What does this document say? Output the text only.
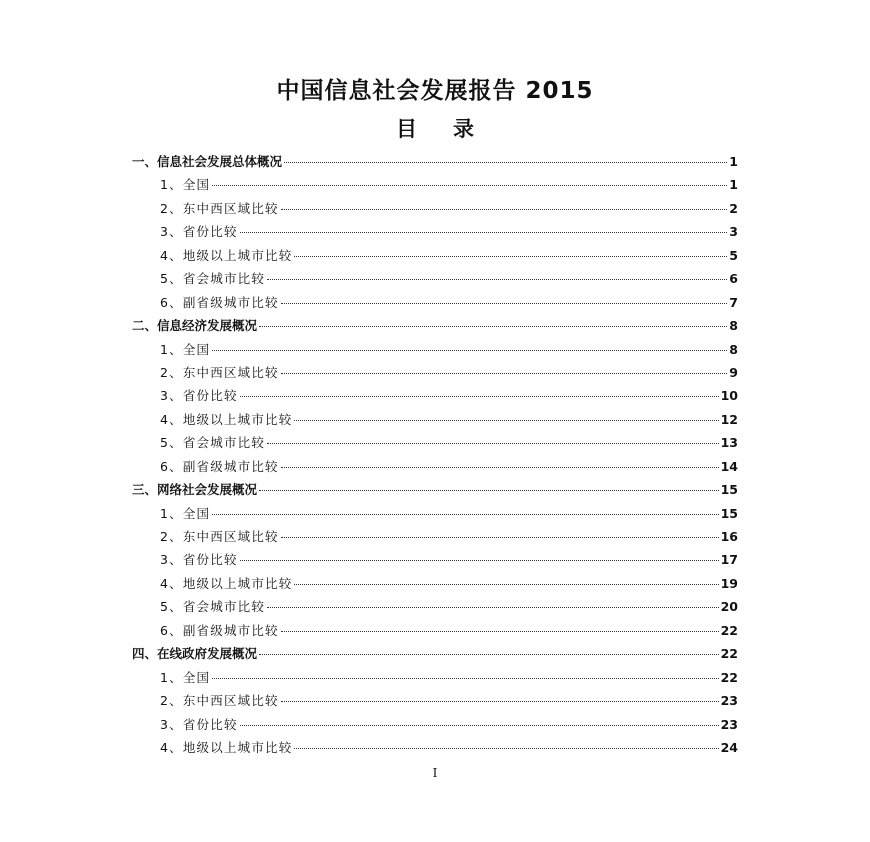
中国信息社会发展报告 2015
目 录
一、信息社会发展总体概况	1
1、全国	1
2、东中西区域比较	2
3、省份比较	3
4、地级以上城市比较	5
5、省会城市比较	6
6、副省级城市比较	7
二、信息经济发展概况	8
1、全国	8
2、东中西区域比较	9
3、省份比较	10
4、地级以上城市比较	12
5、省会城市比较	13
6、副省级城市比较	14
三、网络社会发展概况	15
1、全国	15
2、东中西区域比较	16
3、省份比较	17
4、地级以上城市比较	19
5、省会城市比较	20
6、副省级城市比较	22
四、在线政府发展概况	22
1、全国	22
2、东中西区域比较	23
3、省份比较	23
4、地级以上城市比较	24
I
